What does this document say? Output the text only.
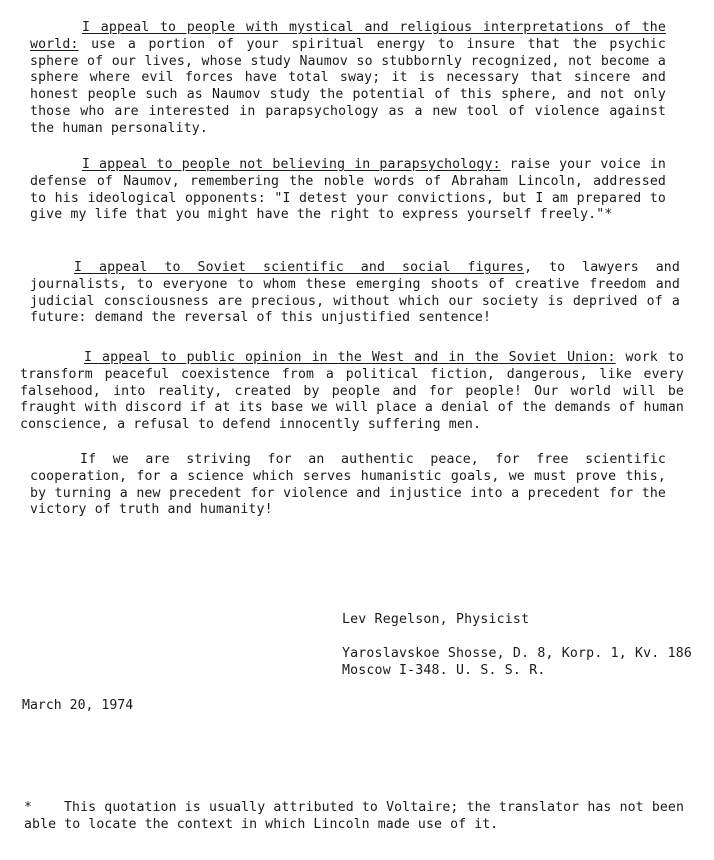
I appeal to people with mystical and religious interpretations of the world: use a portion of your spiritual energy to insure that the psychic sphere of our lives, whose study Naumov so stubbornly recognized, not become a sphere where evil forces have total sway; it is necessary that sincere and honest people such as Naumov study the potential of this sphere, and not only those who are interested in parapsychology as a new tool of violence against the human personality.

I appeal to people not believing in parapsychology: raise your voice in defense of Naumov, remembering the noble words of Abraham Lincoln, addressed to his ideological opponents: "I detest your convictions, but I am prepared to give my life that you might have the right to express yourself freely."*

I appeal to Soviet scientific and social figures, to lawyers and journalists, to everyone to whom these emerging shoots of creative freedom and judicial consciousness are precious, without which our society is deprived of a future: demand the reversal of this unjustified sentence!

I appeal to public opinion in the West and in the Soviet Union: work to transform peaceful coexistence from a political fiction, dangerous, like every falsehood, into reality, created by people and for people! Our world will be fraught with discord if at its base we will place a denial of the demands of human conscience, a refusal to defend innocently suffering men.

If we are striving for an authentic peace, for free scientific cooperation, for a science which serves humanistic goals, we must prove this, by turning a new precedent for violence and injustice into a precedent for the victory of truth and humanity!

Lev Regelson, Physicist

Yaroslavskoe Shosse, D. 8, Korp. 1, Kv. 186

Moscow I-348. U. S. S. R.

March 20, 1974

* This quotation is usually attributed to Voltaire; the translator has not been able to locate the context in which Lincoln made use of it.
